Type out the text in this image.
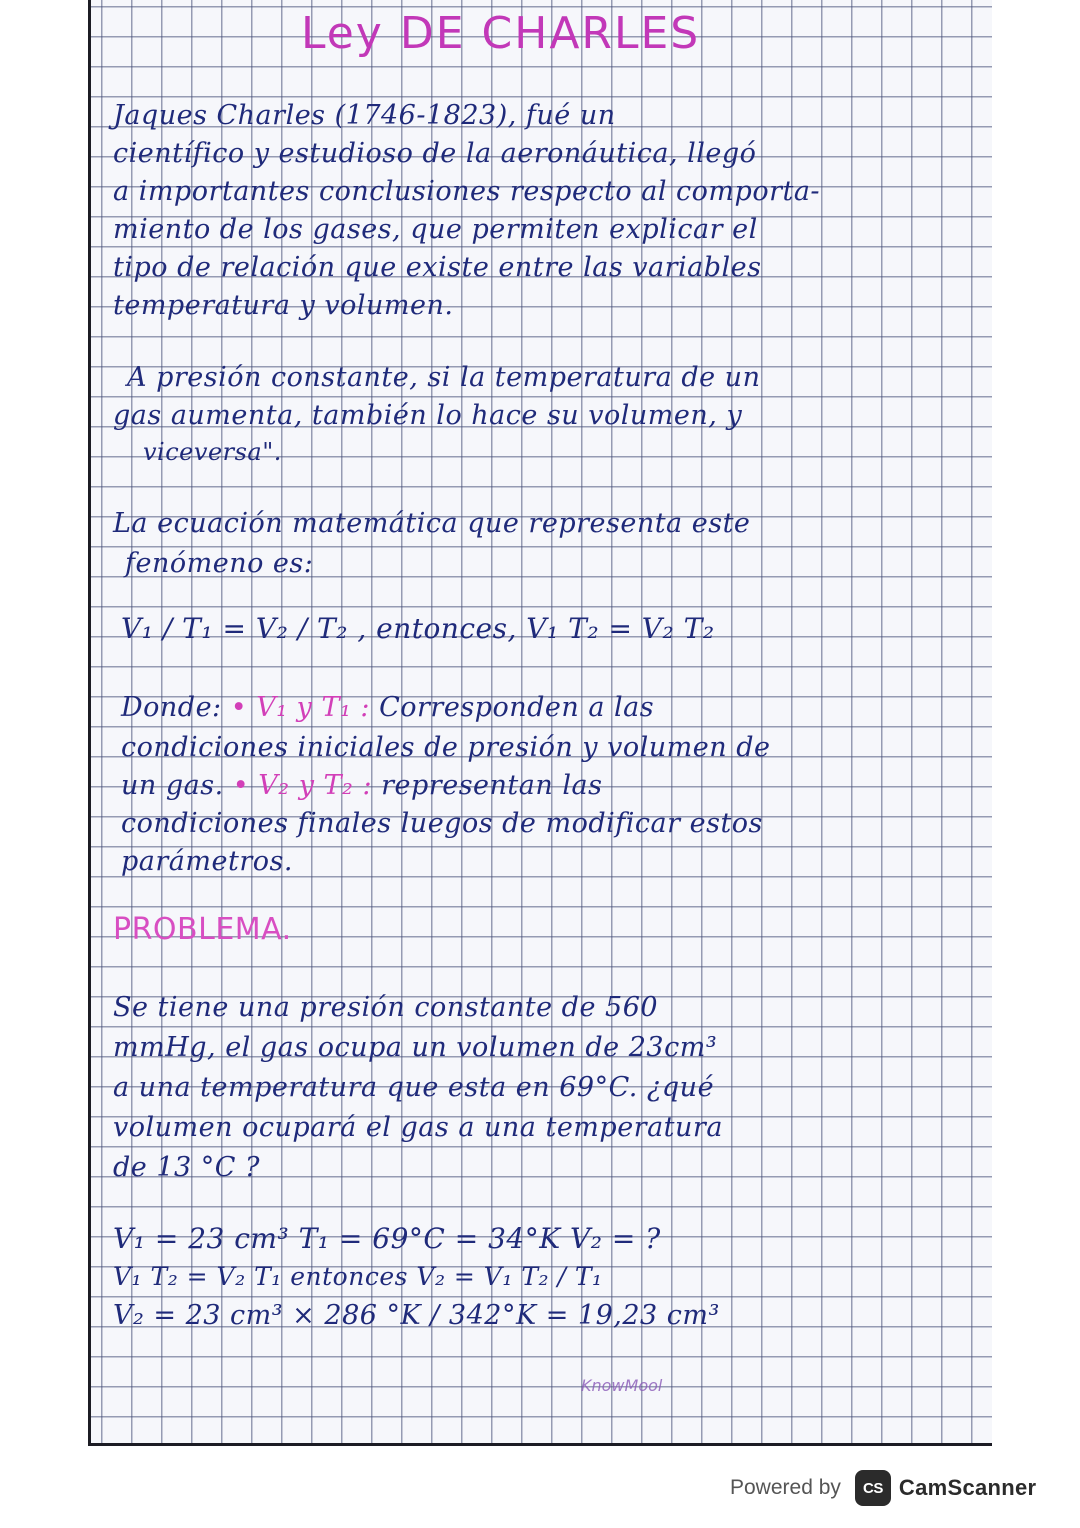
Ley DE CHARLES
Jaques Charles (1746-1823), fué un
científico y estudioso de la aeronáutica, llegó
a importantes conclusiones respecto al comporta-
miento de los gases, que permiten explicar el
tipo de relación que existe entre las variables
temperatura y volumen.
A presión constante, si la temperatura de un
gas aumenta, también lo hace su volumen, y
viceversa".
La ecuación matemática que representa este
fenómeno es:
V₁ / T₁ = V₂ / T₂ , entonces, V₁ T₂ = V₂ T₂
Donde: • V₁ y T₁ : Corresponden a las
condiciones iniciales de presión y volumen de
un gas. • V₂ y T₂ : representan las
condiciones finales luegos de modificar estos
parámetros.
PROBLEMA.
Se tiene una presión constante de 560
mmHg, el gas ocupa un volumen de 23cm³
a una temperatura que esta en 69°C. ¿qué
volumen ocupará el gas a una temperatura
de 13 °C ?
V₁ = 23 cm³ T₁ = 69°C = 34°K V₂ = ?
V₁ T₂ = V₂ T₁ entonces V₂ = V₁ T₂ / T₁
V₂ = 23 cm³ × 286 °K / 342°K = 19,23 cm³
KnowMool
Powered by CS CamScanner
